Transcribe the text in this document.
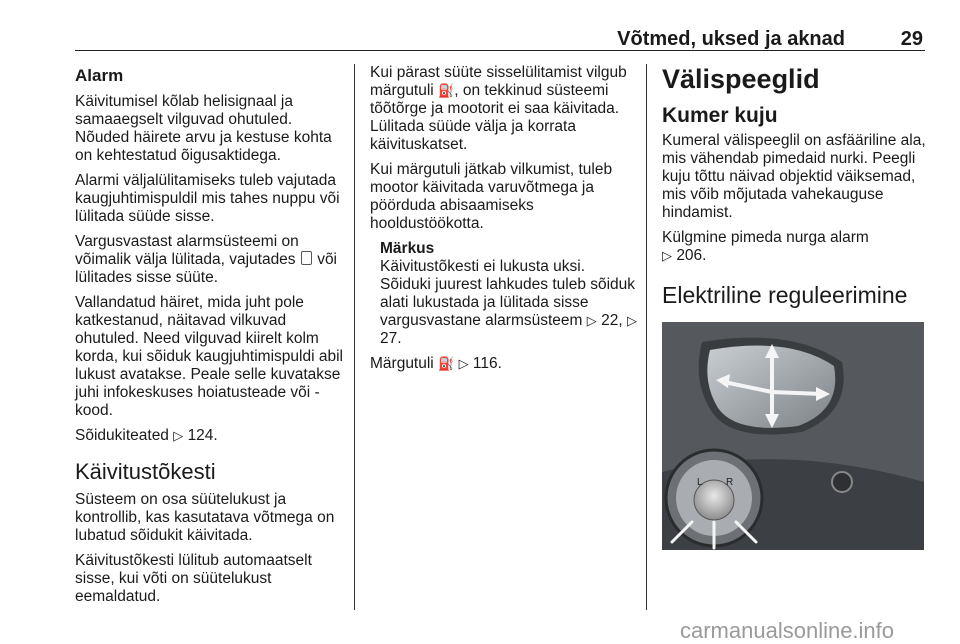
Võtmed, uksed ja aknad	29
Alarm

Käivitumisel kõlab helisignaal ja samaaegselt vilguvad ohutuled. Nõuded häirete arvu ja kestuse kohta on kehtestatud õigusaktidega.

Alarmi väljalülitamiseks tuleb vajutada kaugjuhtimispuldil mis tahes nuppu või lülitada süüde sisse.

Vargusvastast alarmsüsteemi on võimalik välja lülitada, vajutades või lülitades sisse süüte.

Vallandatud häiret, mida juht pole katkestanud, näitavad vilkuvad ohutuled. Need vilguvad kiirelt kolm korda, kui sõiduk kaugjuhtimispuldi abil lukust avatakse. Peale selle kuvatakse juhi infokeskuses hoiatusteade või -kood.

Sõidukiteated ▷ 124.

Käivitustõkesti

Süsteem on osa süütelukust ja kontrollib, kas kasutatava võtmega on lubatud sõidukit käivitada.

Käivitustõkesti lülitub automaatselt sisse, kui võti on süütelukust eemaldatud.

Kui pärast süüte sisselülitamist vilgub märgutuli ⛽, on tekkinud süsteemi tõõtõrge ja mootorit ei saa käivitada. Lülitada süüde välja ja korrata käivituskatset.

Kui märgutuli jätkab vilkumist, tuleb mootor käivitada varuvõtmega ja pöörduda abisaamiseks hooldustöökotta.

Märkus

Käivitustõkesti ei lukusta uksi. Sõiduki juurest lahkudes tuleb sõiduk alati lukustada ja lülitada sisse vargusvastane alarmsüsteem ▷ 22, ▷ 27.

Märgutuli ⛽ ▷ 116.

Välispeeglid
Kumer kuju

Kumeral välispeeglil on asfääriline ala, mis vähendab pimedaid nurki. Peegli kuju tõttu näivad objektid väiksemad, mis võib mõjutada vahekauguse hindamist.

Külgmine pimeda nurga alarm
▷ 206.

Elektriline reguleerimine
L R
carmanualsonline.info
